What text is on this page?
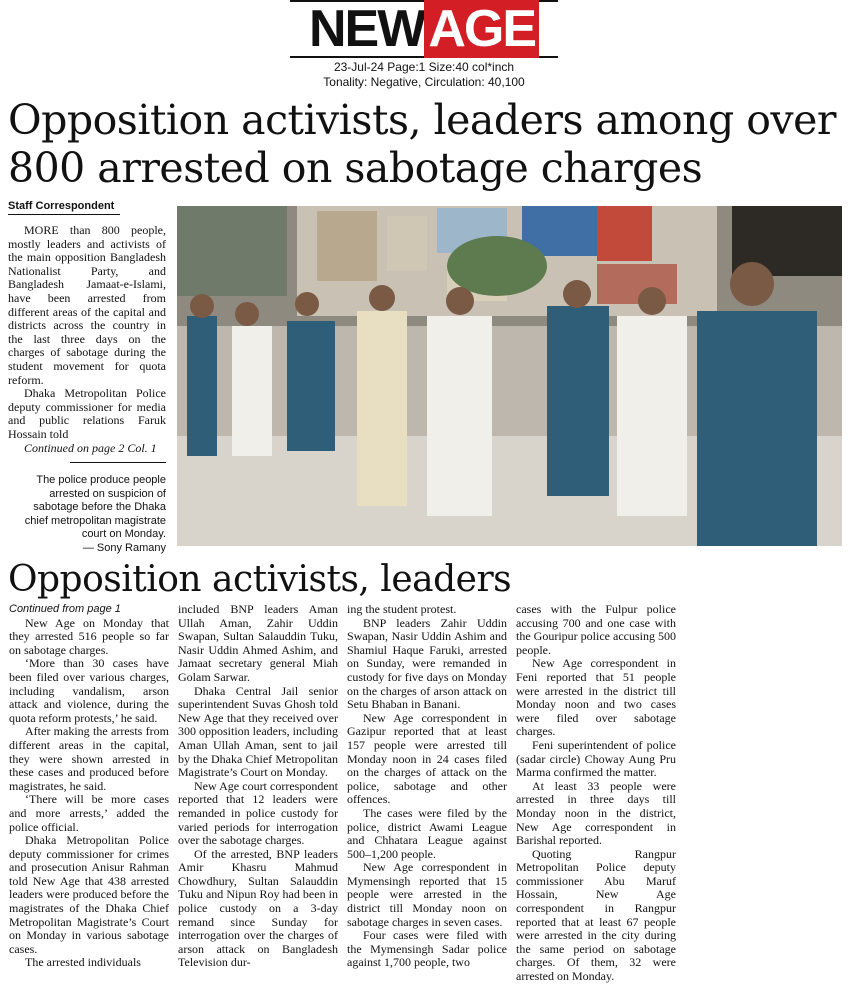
NEW AGE
23-Jul-24 Page:1 Size:40 col*inch
Tonality: Negative, Circulation: 40,100
Opposition activists, leaders among over
800 arrested on sabotage charges
Staff Correspondent

MORE than 800 people, mostly leaders and activists of the main opposition Bangladesh Nationalist Party, and Bangladesh Jamaat-e-Islami, have been arrested from different areas of the capital and districts across the country in the last three days on the charges of sabotage during the student movement for quota reform.

Dhaka Metropolitan Police deputy commissioner for media and public relations Faruk Hossain told

Continued on page 2 Col. 1

The police produce people arrested on suspicion of sabotage before the Dhaka chief metropolitan magistrate court on Monday.
— Sony Ramany
Opposition activists, leaders

Continued from page 1

New Age on Monday that they arrested 516 people so far on sabotage charges.

‘More than 30 cases have been filed over various charges, including vandalism, arson attack and violence, during the quota reform protests,’ he said.

After making the arrests from different areas in the capital, they were shown arrested in these cases and produced before magistrates, he said.

‘There will be more cases and more arrests,’ added the police official.

Dhaka Metropolitan Police deputy commissioner for crimes and prosecution Anisur Rahman told New Age that 438 arrested leaders were produced before the magistrates of the Dhaka Chief Metropolitan Magistrate’s Court on Monday in various sabotage cases.

The arrested individuals

included BNP leaders Aman Ullah Aman, Zahir Uddin Swapan, Sultan Salauddin Tuku, Nasir Uddin Ahmed Ashim, and Jamaat secretary general Miah Golam Sarwar.

Dhaka Central Jail senior superintendent Suvas Ghosh told New Age that they received over 300 opposition leaders, including Aman Ullah Aman, sent to jail by the Dhaka Chief Metropolitan Magistrate’s Court on Monday.

New Age court correspondent reported that 12 leaders were remanded in police custody for varied periods for interrogation over the sabotage charges.

Of the arrested, BNP leaders Amir Khasru Mahmud Chowdhury, Sultan Salauddin Tuku and Nipun Roy had been in police custody on a 3-day remand since Sunday for interrogation over the charges of arson attack on Bangladesh Television dur-

ing the student protest.

BNP leaders Zahir Uddin Swapan, Nasir Uddin Ashim and Shamiul Haque Faruki, arrested on Sunday, were remanded in custody for five days on Monday on the charges of arson attack on Setu Bhaban in Banani.

New Age correspondent in Gazipur reported that at least 157 people were arrested till Monday noon in 24 cases filed on the charges of attack on the police, sabotage and other offences.

The cases were filed by the police, district Awami League and Chhatara League against 500–1,200 people.

New Age correspondent in Mymensingh reported that 15 people were arrested in the district till Monday noon on sabotage charges in seven cases.

Four cases were filed with the Mymensingh Sadar police against 1,700 people, two

cases with the Fulpur police accusing 700 and one case with the Gouripur police accusing 500 people.

New Age correspondent in Feni reported that 51 people were arrested in the district till Monday noon and two cases were filed over sabotage charges.

Feni superintendent of police (sadar circle) Choway Aung Pru Marma confirmed the matter.

At least 33 people were arrested in three days till Monday noon in the district, New Age correspondent in Barishal reported.

Quoting Rangpur Metropolitan Police deputy commissioner Abu Maruf Hossain, New Age correspondent in Rangpur reported that at least 67 people were arrested in the city during the same period on sabotage charges. Of them, 32 were arrested on Monday.
